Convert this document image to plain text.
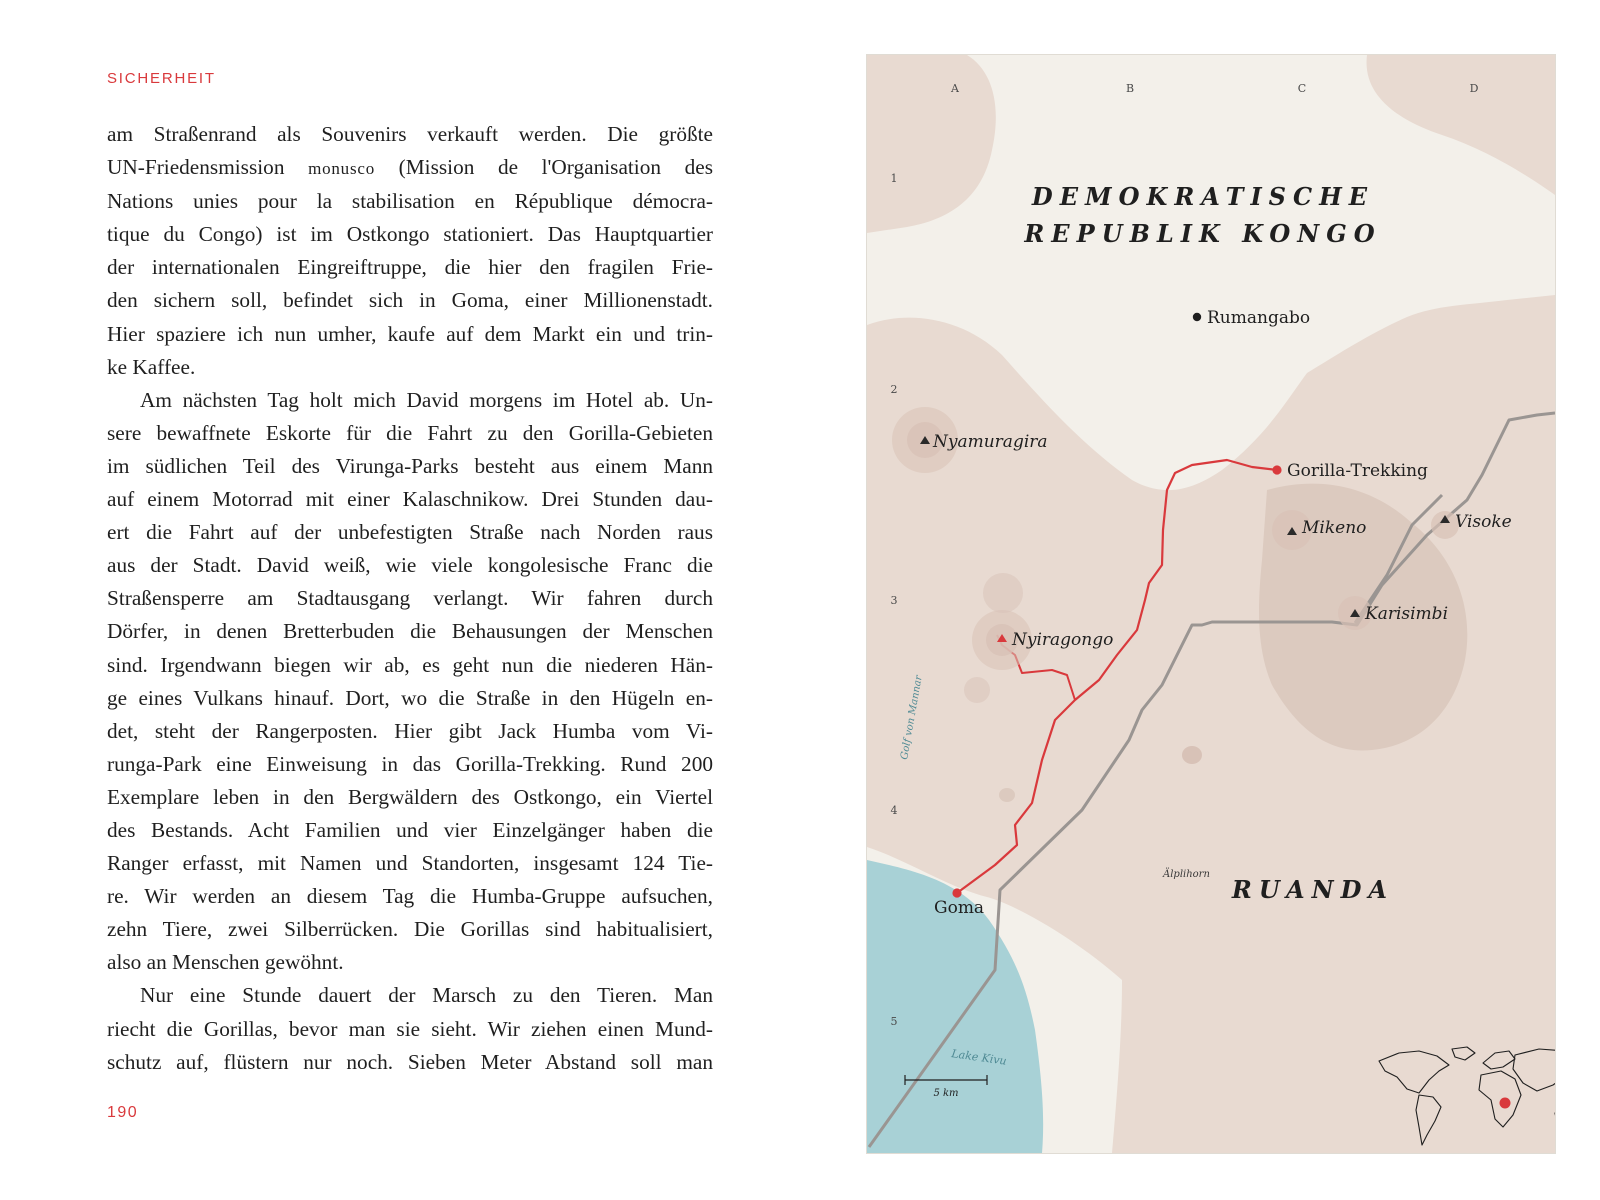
SICHERHEIT
am Straßenrand als Souvenirs verkauft werden. Die größte
UN-Friedensmission monusco (Mission de l'Organisation des
Nations unies pour la stabilisation en République démocra-
tique du Congo) ist im Ostkongo stationiert. Das Hauptquartier
der internationalen Eingreiftruppe, die hier den fragilen Frie-
den sichern soll, befindet sich in Goma, einer Millionenstadt.
Hier spaziere ich nun umher, kaufe auf dem Markt ein und trin-
ke Kaffee.
Am nächsten Tag holt mich David morgens im Hotel ab. Un-
sere bewaffnete Eskorte für die Fahrt zu den Gorilla-Gebieten
im südlichen Teil des Virunga-Parks besteht aus einem Mann
auf einem Motorrad mit einer Kalaschnikow. Drei Stunden dau-
ert die Fahrt auf der unbefestigten Straße nach Norden raus
aus der Stadt. David weiß, wie viele kongolesische Franc die
Straßensperre am Stadtausgang verlangt. Wir fahren durch
Dörfer, in denen Bretterbuden die Behausungen der Menschen
sind. Irgendwann biegen wir ab, es geht nun die niederen Hän-
ge eines Vulkans hinauf. Dort, wo die Straße in den Hügeln en-
det, steht der Rangerposten. Hier gibt Jack Humba vom Vi-
runga-Park eine Einweisung in das Gorilla-Trekking. Rund 200
Exemplare leben in den Bergwäldern des Ostkongo, ein Viertel
des Bestands. Acht Familien und vier Einzelgänger haben die
Ranger erfasst, mit Namen und Standorten, insgesamt 124 Tie-
re. Wir werden an diesem Tag die Humba-Gruppe aufsuchen,
zehn Tiere, zwei Silberrücken. Die Gorillas sind habitualisiert,
also an Menschen gewöhnt.
Nur eine Stunde dauert der Marsch zu den Tieren. Man
riecht die Gorillas, bevor man sie sieht. Wir ziehen einen Mund-
schutz auf, flüstern nur noch. Sieben Meter Abstand soll man
190
A	B	C	D
1
2
3
4
5
Nyamuragira
Nyiragongo
Mikeno	Visoke
Karisimbi
Rumangabo
Gorilla-Trekking
Goma
Älplihorn
DEMOKRATISCHE
REPUBLIK KONGO
RUANDA
Golf von Mannar
Lake Kivu
5 km
